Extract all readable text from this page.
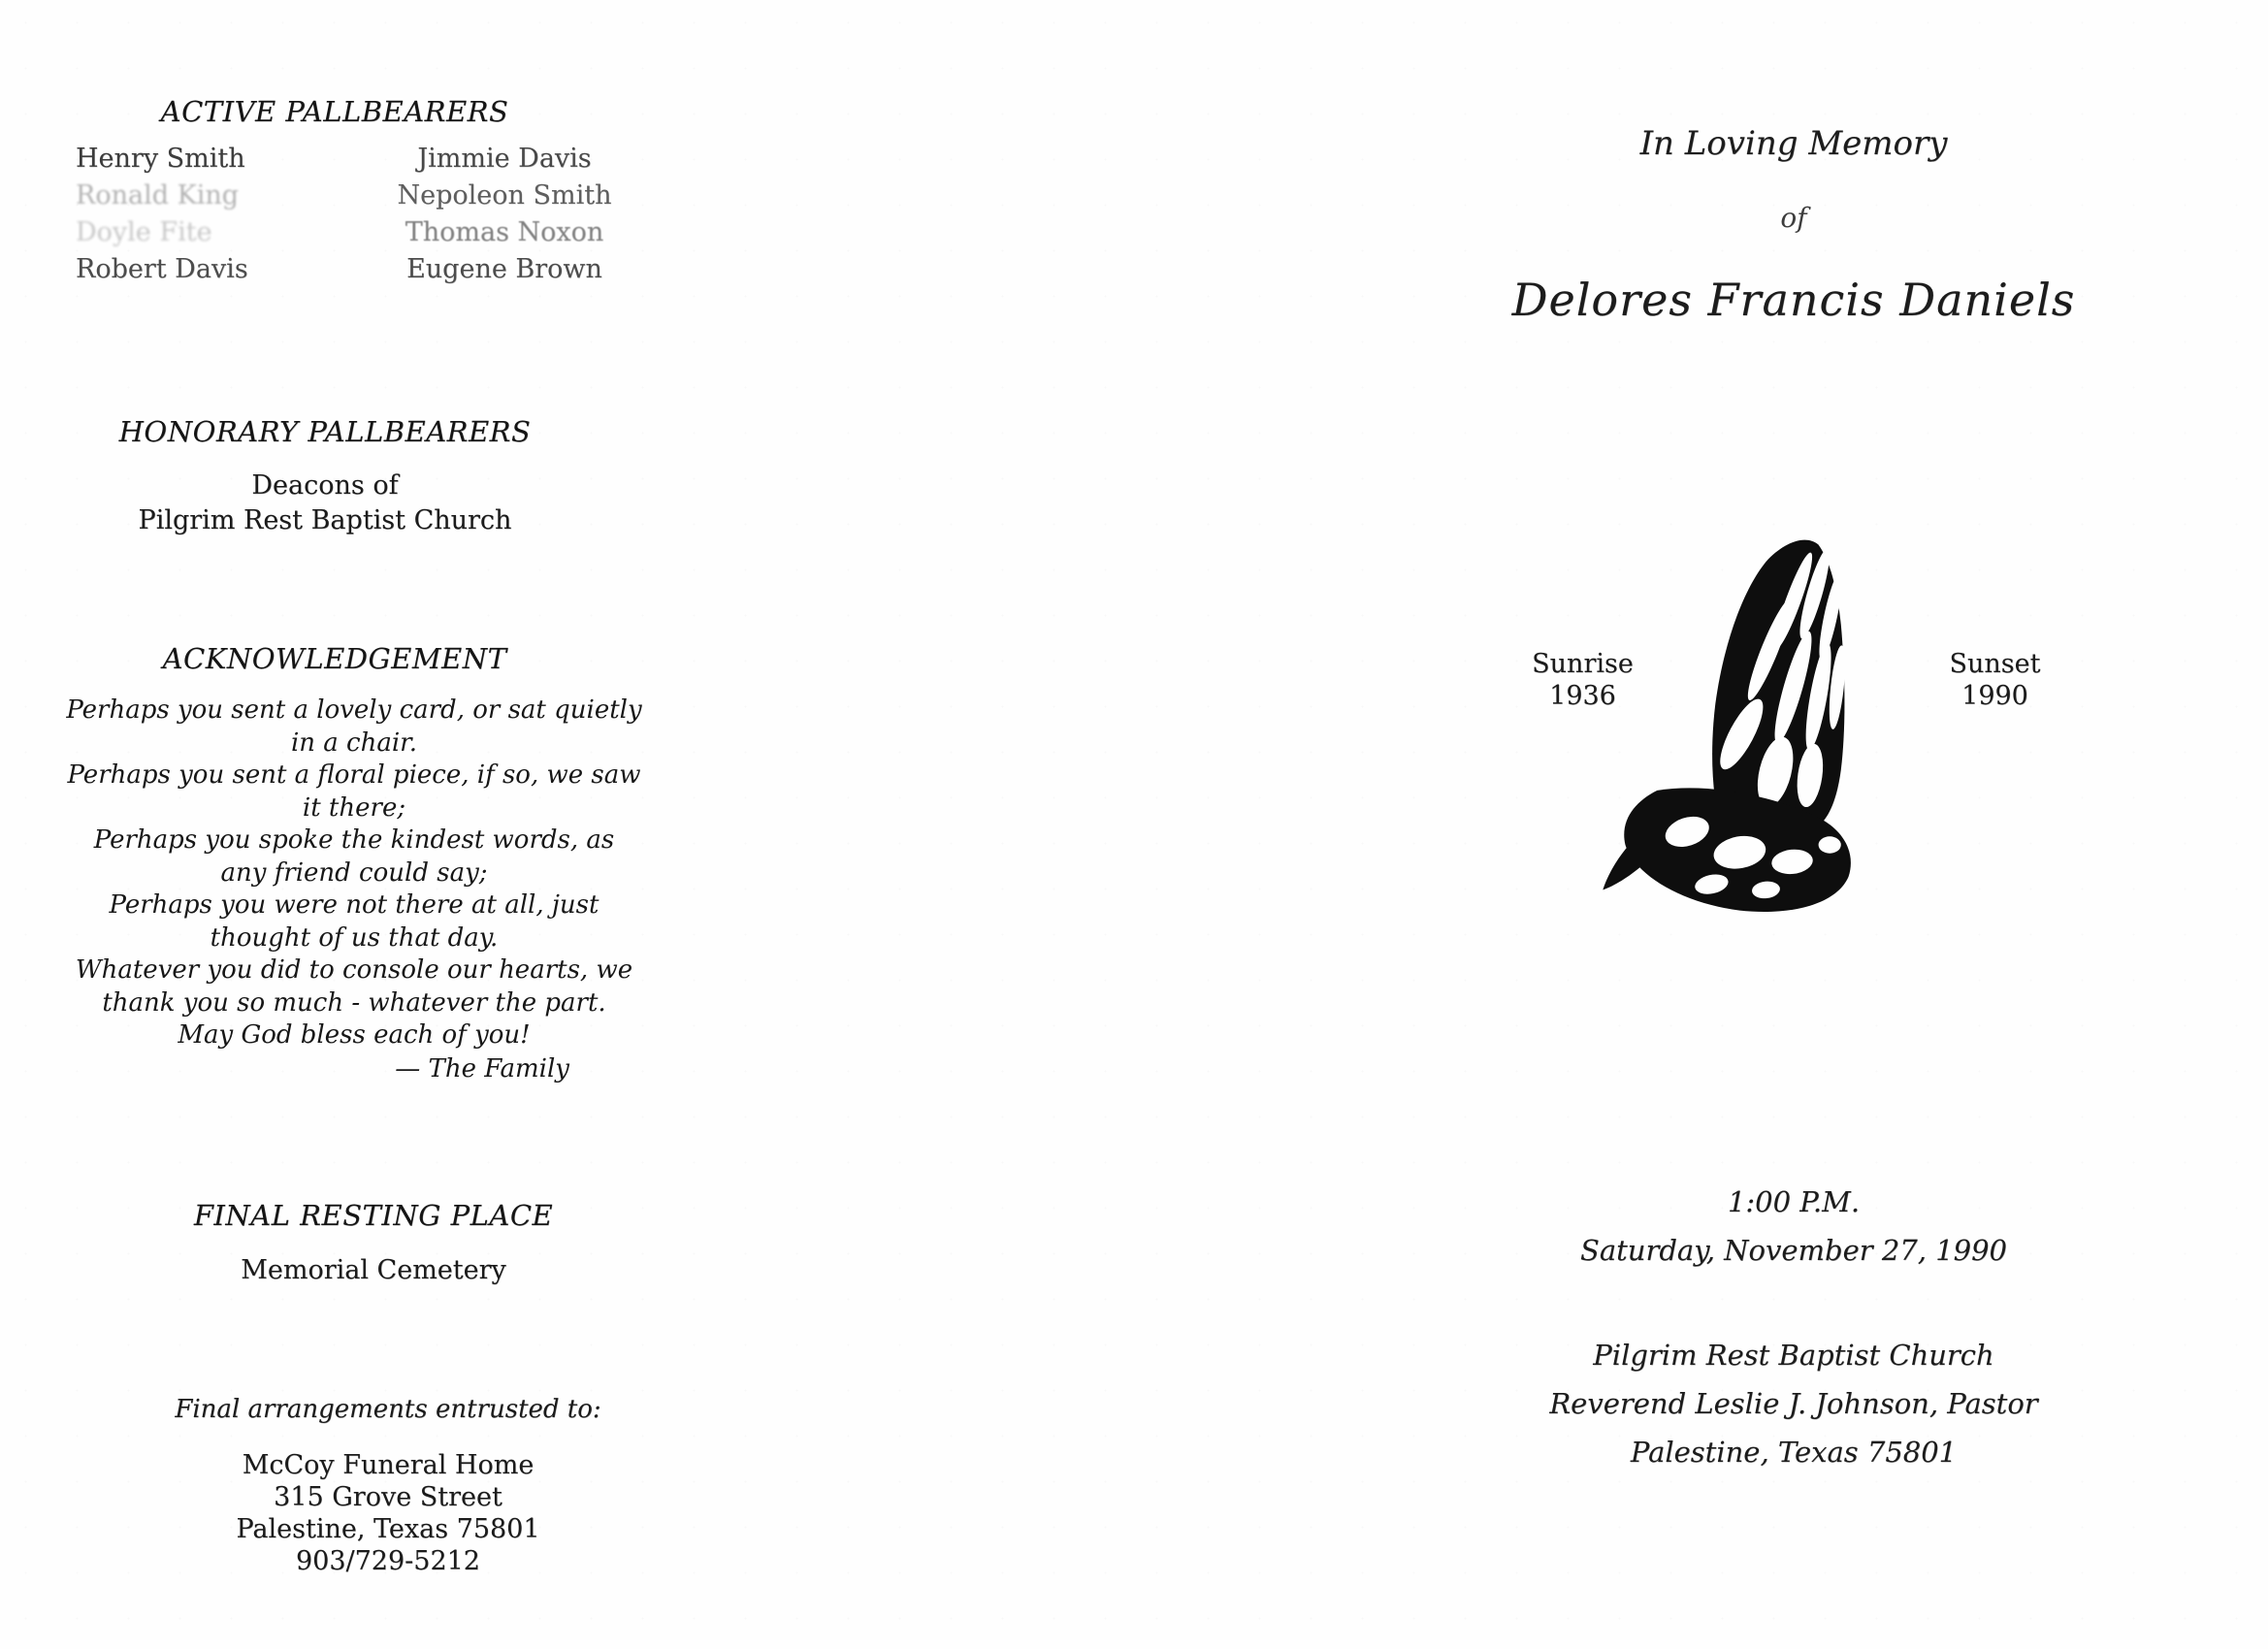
ACTIVE PALLBEARERS
Henry Smith	Jimmie Davis
Ronald King	Nepoleon Smith
Doyle Fite	Thomas Noxon
Robert Davis	Eugene Brown
HONORARY PALLBEARERS
Deacons of
Pilgrim Rest Baptist Church
ACKNOWLEDGEMENT
Perhaps you sent a lovely card, or sat quietly
in a chair.
Perhaps you sent a floral piece, if so, we saw
it there;
Perhaps you spoke the kindest words, as
any friend could say;
Perhaps you were not there at all, just
thought of us that day.
Whatever you did to console our hearts, we
thank you so much - whatever the part.
May God bless each of you!
— The Family
FINAL RESTING PLACE
Memorial Cemetery
Final arrangements entrusted to:
McCoy Funeral Home
315 Grove Street
Palestine, Texas 75801
903/729-5212
In Loving Memory
of
Delores Francis Daniels
Sunrise
1936
Sunset
1990
1:00 P.M.
Saturday, November 27, 1990
Pilgrim Rest Baptist Church
Reverend Leslie J. Johnson, Pastor
Palestine, Texas 75801
